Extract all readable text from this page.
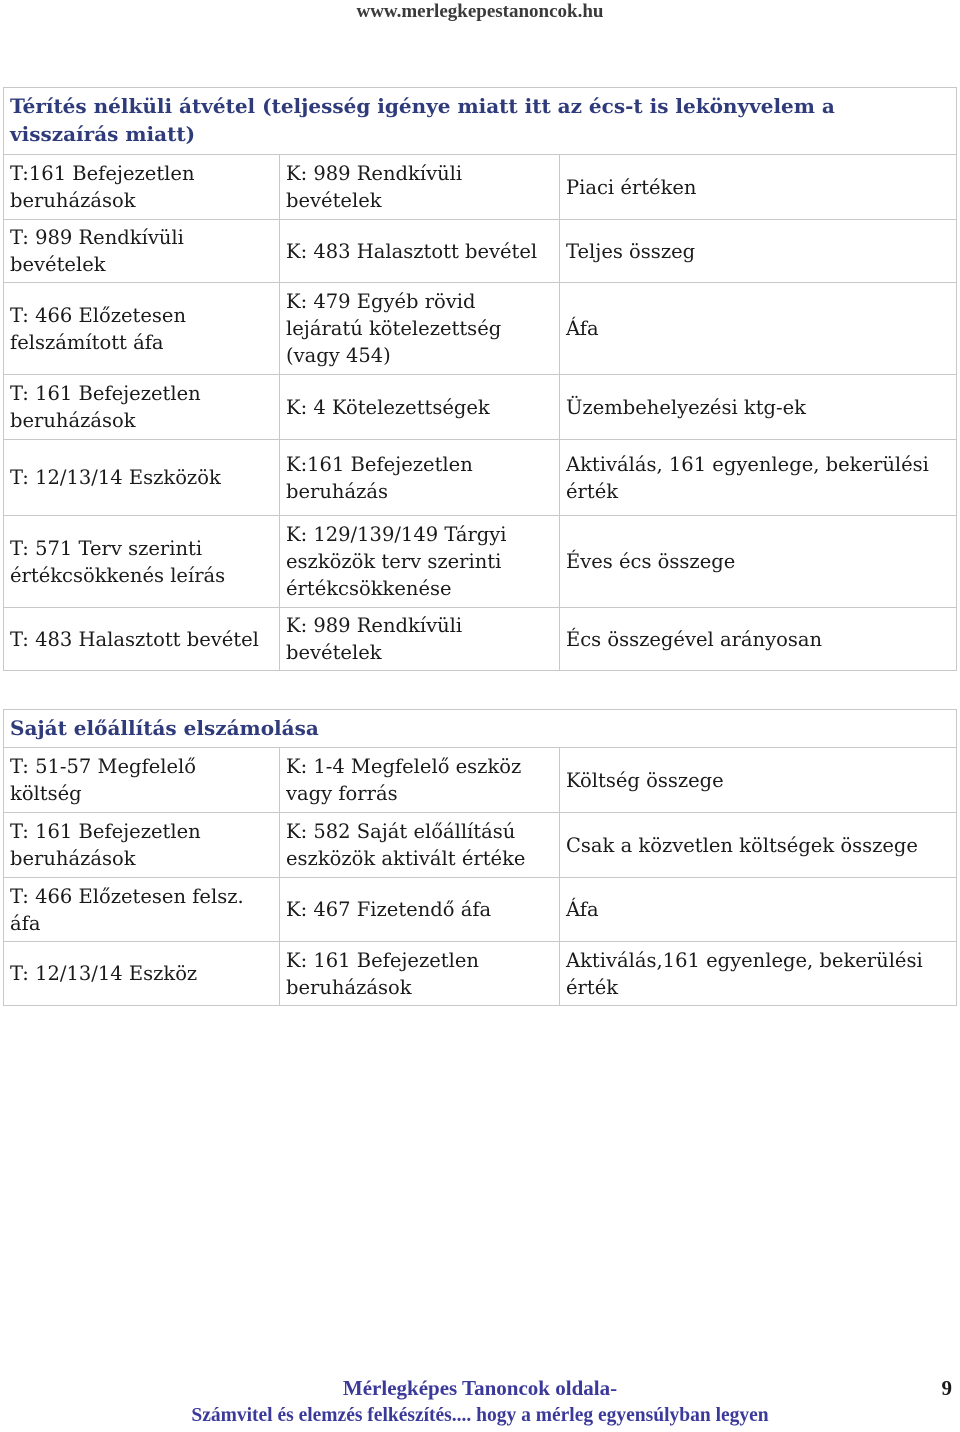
www.merlegkepestanoncok.hu
Térítés nélküli átvétel (teljesség igénye miatt itt az écs-t is lekönyvelem a visszaírás miatt)		
T:161 Befejezetlen beruházások	K: 989 Rendkívüli bevételek	Piaci értéken
T: 989 Rendkívüli bevételek	K: 483 Halasztott bevétel	Teljes összeg
T: 466 Előzetesen felszámított áfa	K: 479 Egyéb rövid lejáratú kötelezettség (vagy 454)	Áfa
T: 161 Befejezetlen beruházások	K: 4 Kötelezettségek	Üzembehelyezési ktg-ek
T: 12/13/14 Eszközök	K:161 Befejezetlen beruházás	Aktiválás, 161 egyenlege, bekerülési érték
T: 571 Terv szerinti értékcsökkenés leírás	K: 129/139/149 Tárgyi eszközök terv szerinti értékcsökkenése	Éves écs összege
T: 483 Halasztott bevétel	K: 989 Rendkívüli bevételek	Écs összegével arányosan
Saját előállítás elszámolása		
T: 51-57 Megfelelő költség	K: 1-4 Megfelelő eszköz vagy forrás	Költség összege
T: 161 Befejezetlen beruházások	K: 582 Saját előállítású eszközök aktivált értéke	Csak a közvetlen költségek összege
T: 466 Előzetesen felsz. áfa	K: 467 Fizetendő áfa	Áfa
T: 12/13/14 Eszköz	K: 161 Befejezetlen beruházások	Aktiválás,161 egyenlege, bekerülési érték
Mérlegképes Tanoncok oldala-
Számvitel és elemzés felkészítés.... hogy a mérleg egyensúlyban legyen
9
